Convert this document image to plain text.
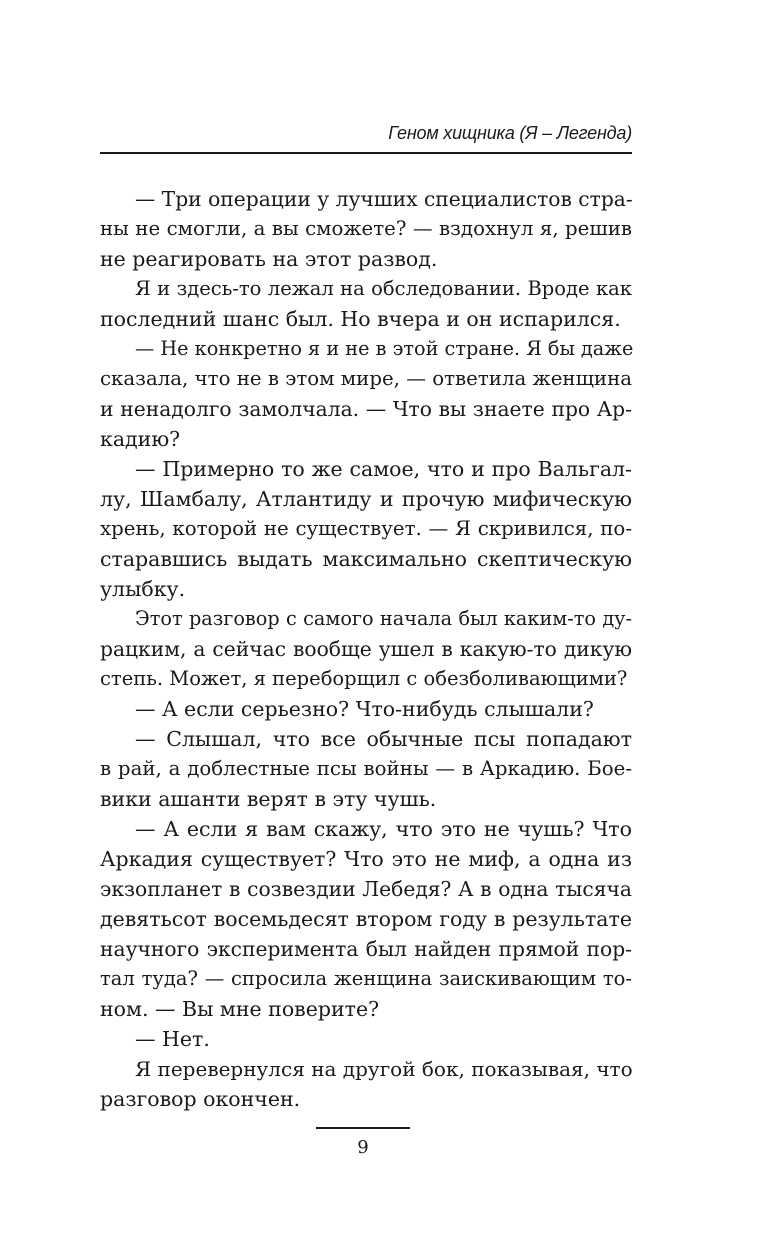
Геном хищника (Я – Легенда)
— Три операции у лучших специалистов стра-
ны не смогли, а вы сможете? — вздохнул я, решив
не реагировать на этот развод.
Я и здесь-то лежал на обследовании. Вроде как
последний шанс был. Но вчера и он испарился.
— Не конкретно я и не в этой стране. Я бы даже
сказала, что не в этом мире, — ответила женщина
и ненадолго замолчала. — Что вы знаете про Ар-
кадию?
— Примерно то же самое, что и про Вальгал-
лу, Шамбалу, Атлантиду и прочую мифическую
хрень, которой не существует. — Я скривился, по-
старавшись выдать максимально скептическую
улыбку.
Этот разговор с самого начала был каким-то ду-
рацким, а сейчас вообще ушел в какую-то дикую
степь. Может, я переборщил с обезболивающими?
— А если серьезно? Что-нибудь слышали?
— Слышал, что все обычные псы попадают
в рай, а доблестные псы войны — в Аркадию. Бое-
вики ашанти верят в эту чушь.
— А если я вам скажу, что это не чушь? Что
Аркадия существует? Что это не миф, а одна из
экзопланет в созвездии Лебедя? А в одна тысяча
девятьсот восемьдесят втором году в результате
научного эксперимента был найден прямой пор-
тал туда? — спросила женщина заискивающим то-
ном. — Вы мне поверите?
— Нет.
Я перевернулся на другой бок, показывая, что
разговор окончен.
9
